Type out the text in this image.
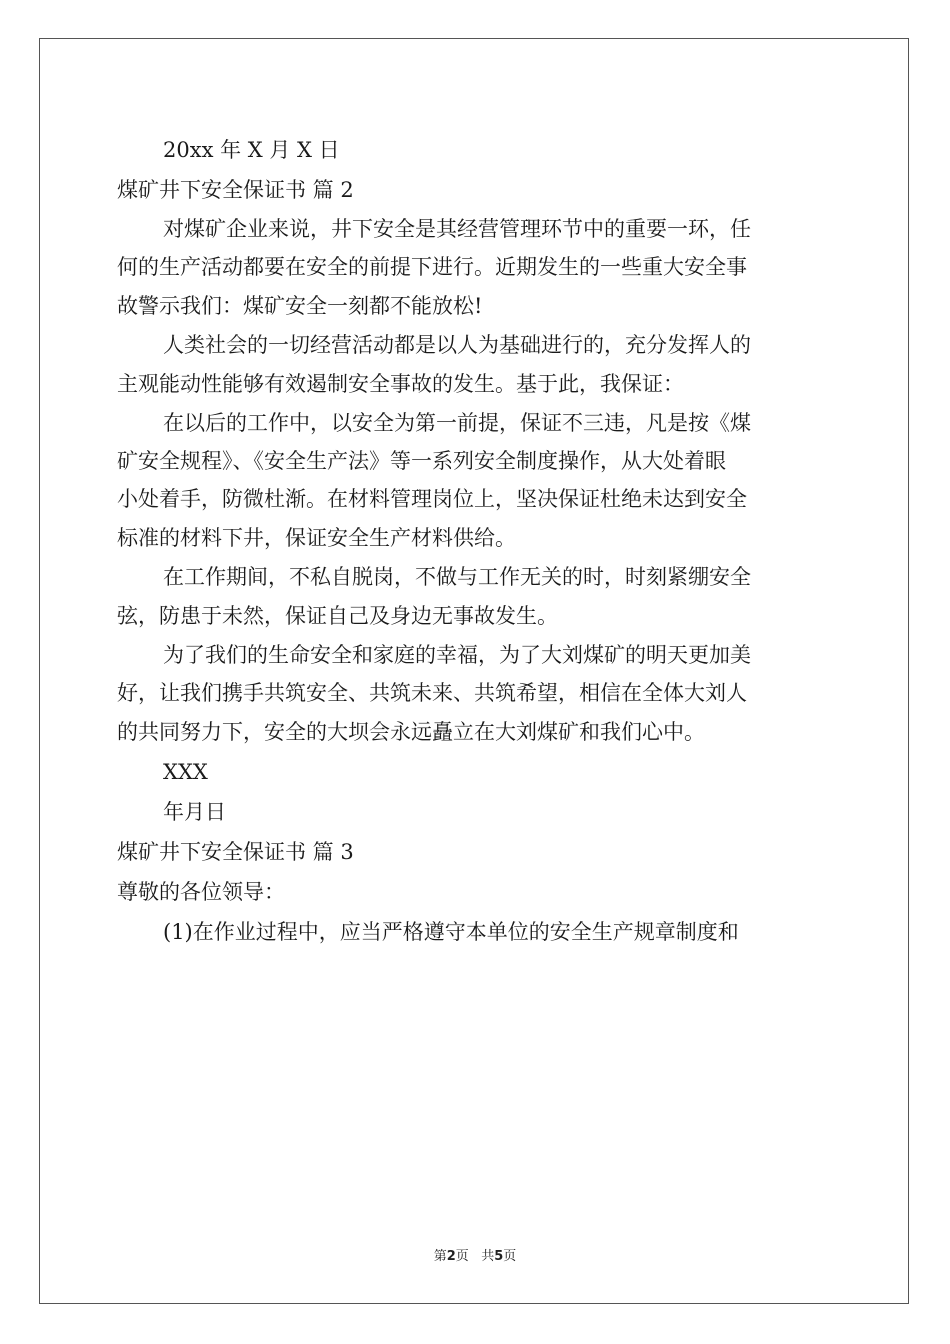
20xx 年 X 月 X 日
煤矿井下安全保证书 篇 2
对煤矿企业来说，井下安全是其经营管理环节中的重要一环，任
何的生产活动都要在安全的前提下进行。近期发生的一些重大安全事
故警示我们：煤矿安全一刻都不能放松!
人类社会的一切经营活动都是以人为基础进行的，充分发挥人的
主观能动性能够有效遏制安全事故的发生。基于此，我保证：
在以后的工作中，以安全为第一前提，保证不三违，凡是按《煤
矿安全规程》、《安全生产法》等一系列安全制度操作，从大处着眼
小处着手，防微杜渐。在材料管理岗位上，坚决保证杜绝未达到安全
标准的材料下井，保证安全生产材料供给。
在工作期间，不私自脱岗，不做与工作无关的时，时刻紧绷安全
弦，防患于未然，保证自己及身边无事故发生。
为了我们的生命安全和家庭的幸福，为了大刘煤矿的明天更加美
好，让我们携手共筑安全、共筑未来、共筑希望，相信在全体大刘人
的共同努力下，安全的大坝会永远矗立在大刘煤矿和我们心中。
XXX
年月日
煤矿井下安全保证书 篇 3
尊敬的各位领导：
(1)在作业过程中，应当严格遵守本单位的安全生产规章制度和
第2页 共5页
